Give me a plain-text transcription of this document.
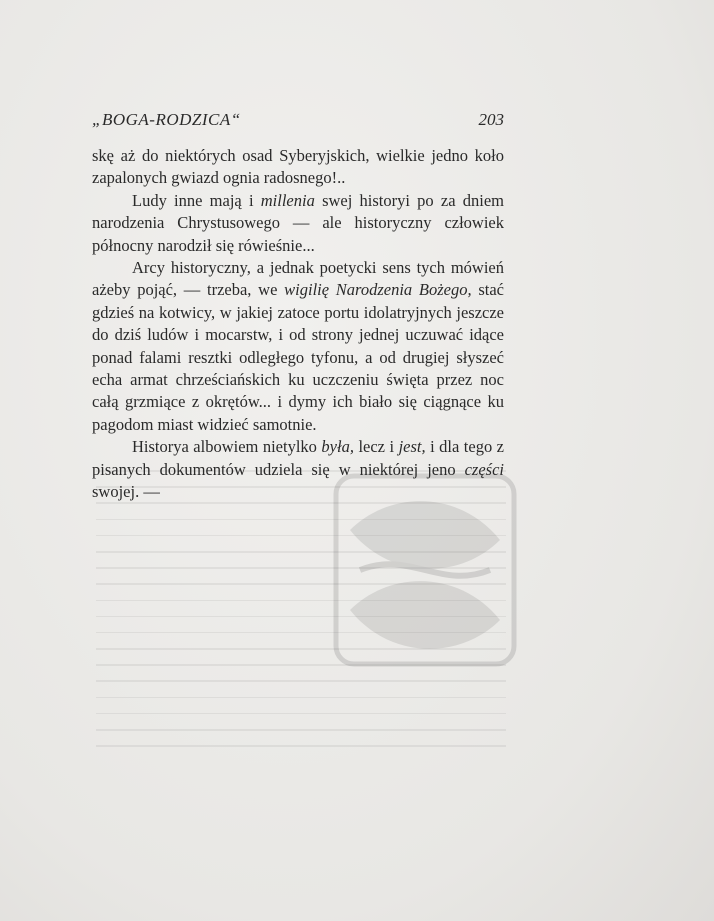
„BOGA-RODZICA“	203

skę aż do niektórych osad Syberyjskich, wielkie jedno koło zapalonych gwiazd ognia radosnego!..

Ludy inne mają i millenia swej historyi po za dniem narodzenia Chrystusowego — ale historyczny człowiek północny narodził się rówieśnie...

Arcy historyczny, a jednak poetycki sens tych mówień ażeby pojąć, — trzeba, we wigilię Narodzenia Bożego, stać gdzieś na kotwicy, w jakiej zatoce portu idolatryjnych jeszcze do dziś ludów i mocarstw, i od strony jednej uczuwać idące ponad falami resztki odległego tyfonu, a od drugiej słyszeć echa armat chrześciańskich ku uczczeniu święta przez noc całą grzmiące z okrętów... i dymy ich biało się ciągnące ku pagodom miast widzieć samotnie.

Historya albowiem nietylko była, lecz i jest, i dla tego z pisanych dokumentów udziela się w niektórej jeno części swojej. —
